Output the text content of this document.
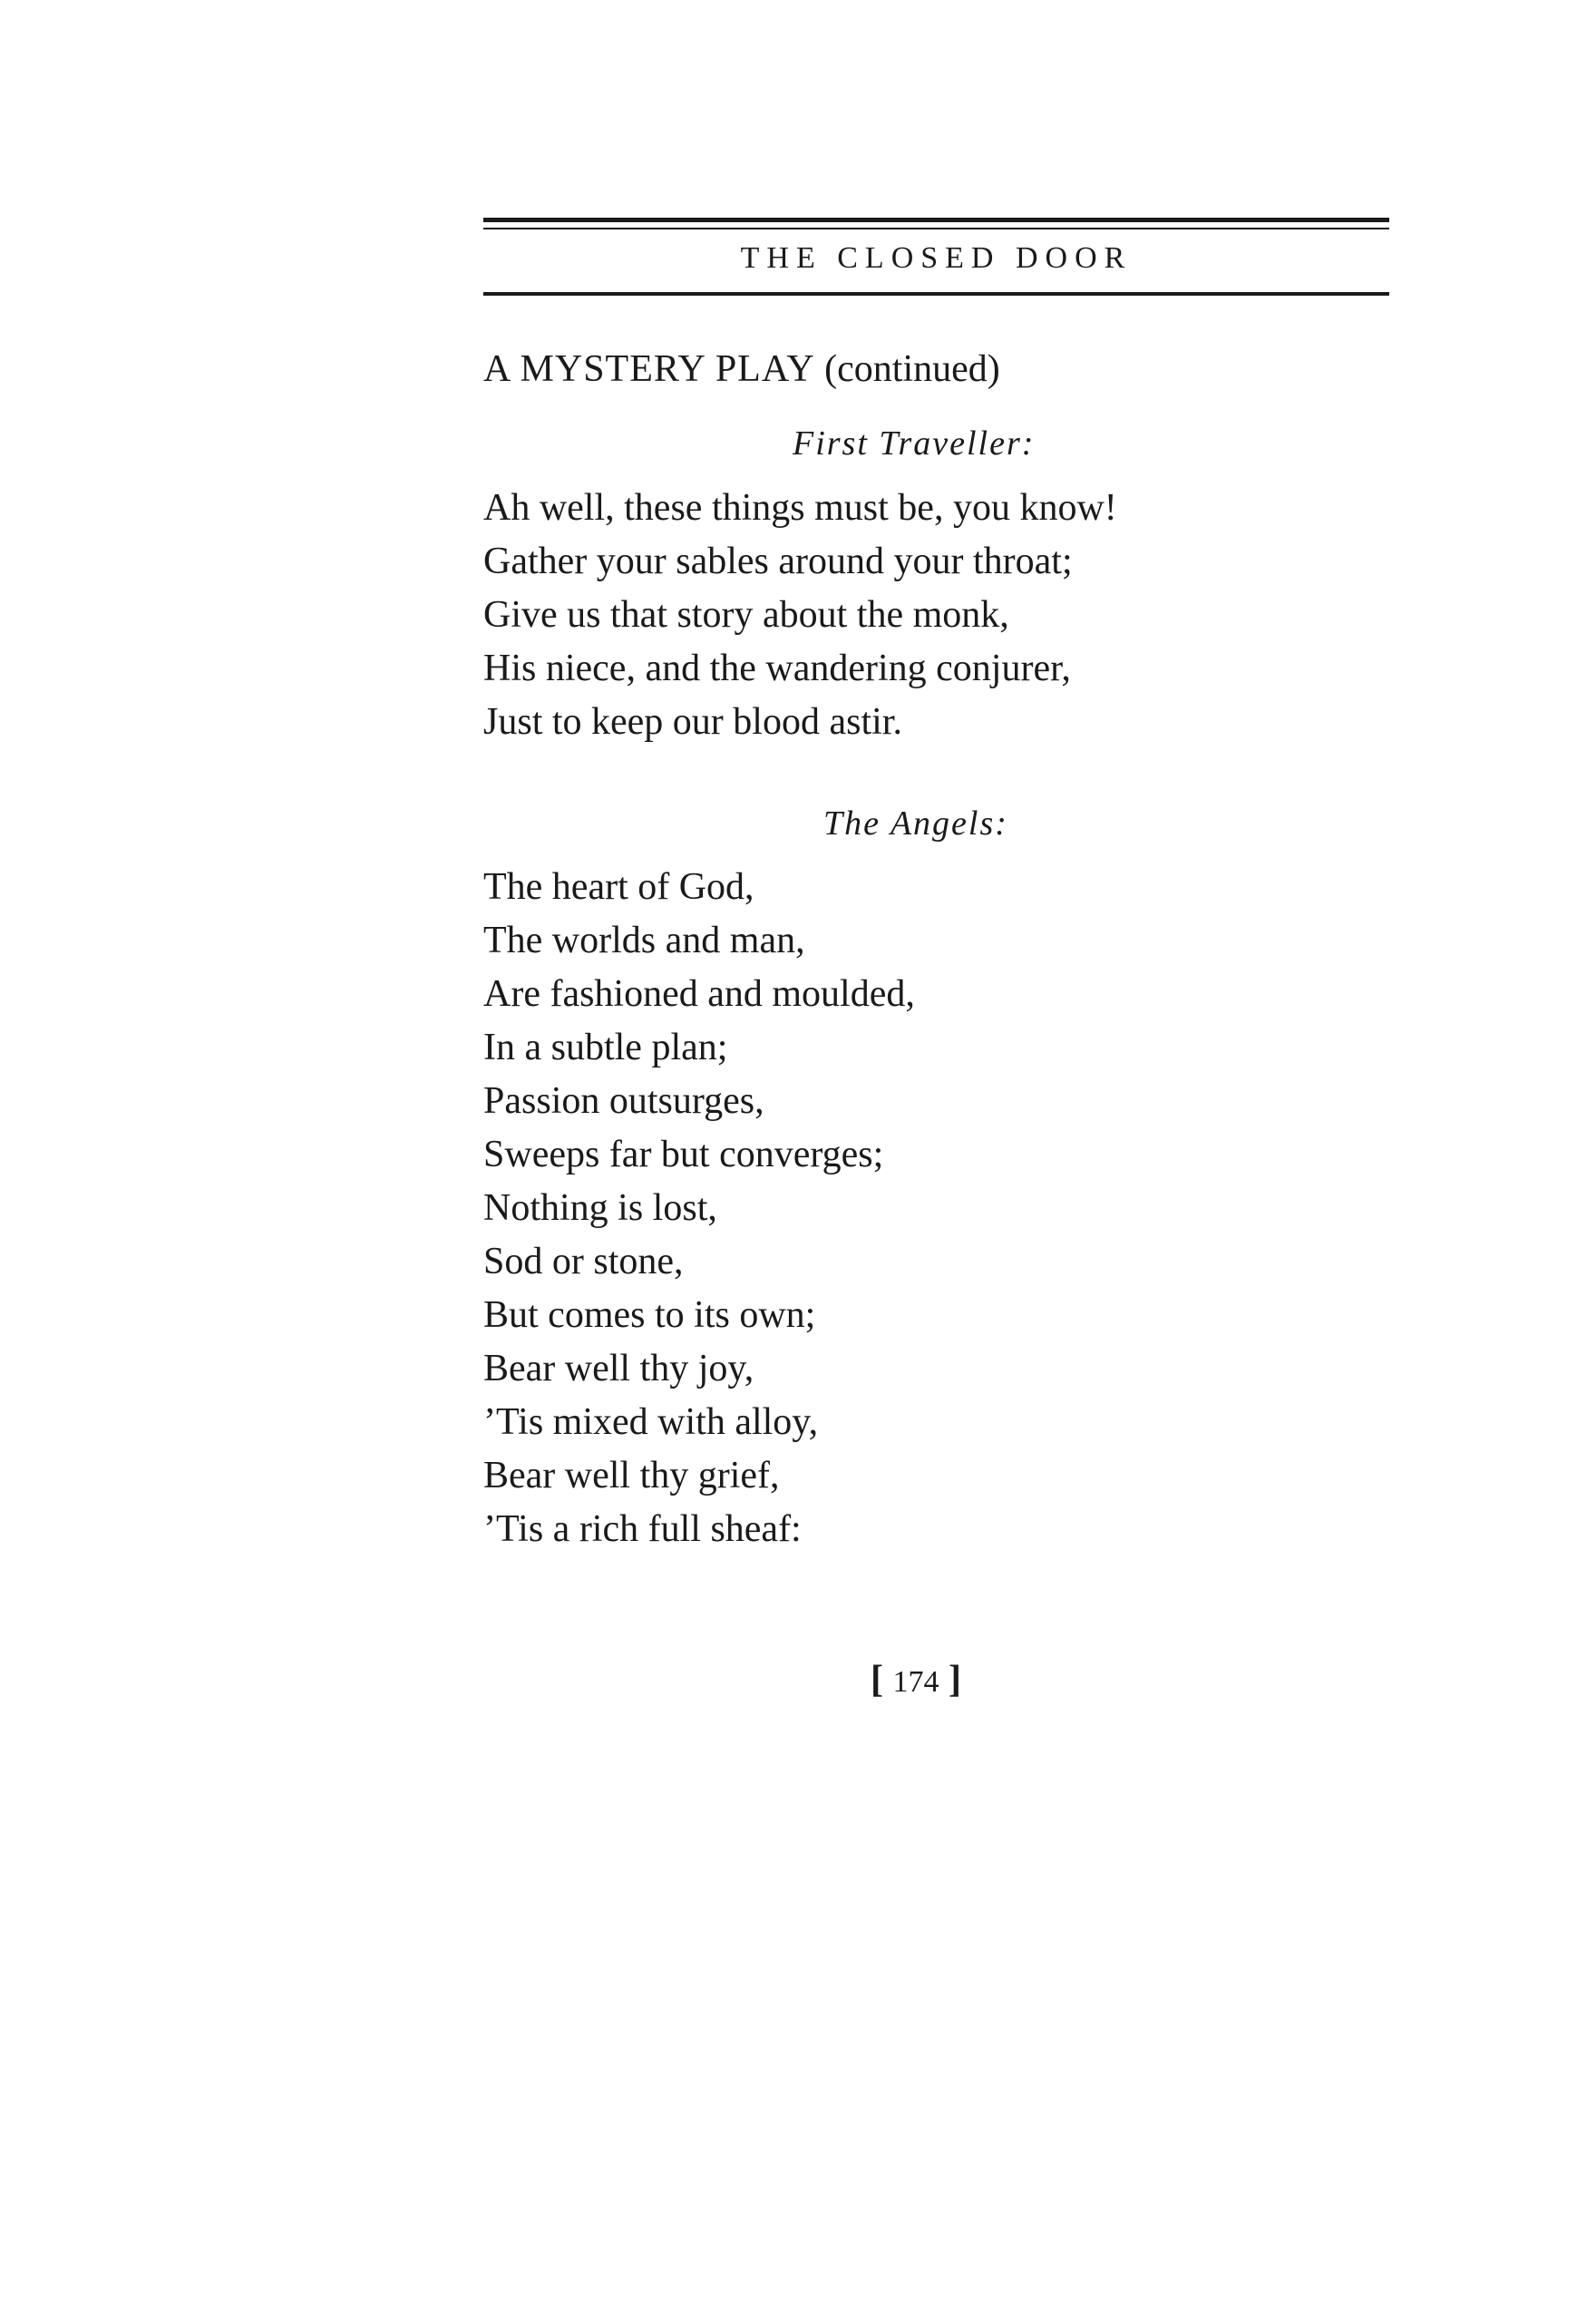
THE CLOSED DOOR
A MYSTERY PLAY (continued)
First Traveller:
Ah well, these things must be, you know!
Gather your sables around your throat;
Give us that story about the monk,
His niece, and the wandering conjurer,
Just to keep our blood astir.
The Angels:
The heart of God,
The worlds and man,
Are fashioned and moulded,
In a subtle plan;
Passion outsurges,
Sweeps far but converges;
Nothing is lost,
Sod or stone,
But comes to its own;
Bear well thy joy,
’Tis mixed with alloy,
Bear well thy grief,
’Tis a rich full sheaf:
[ 174 ]
